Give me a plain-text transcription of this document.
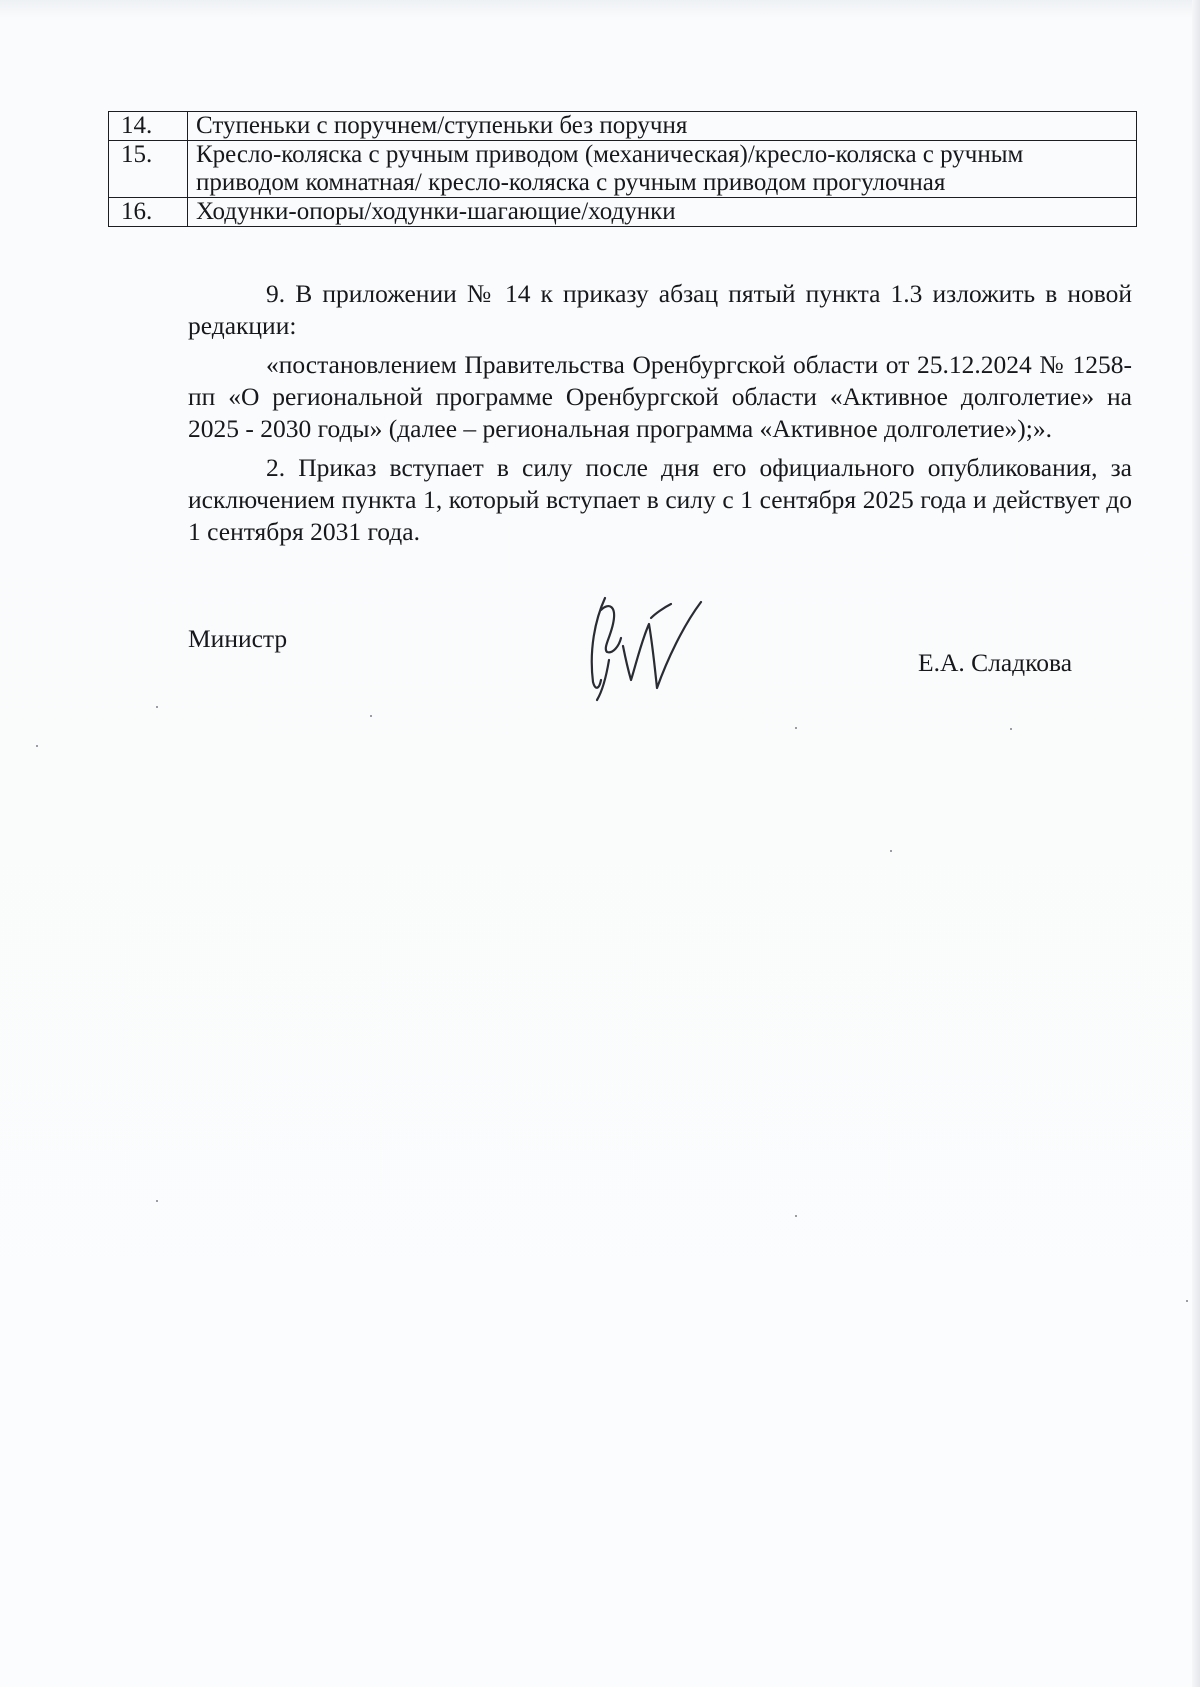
14.	Ступеньки с поручнем/ступеньки без поручня
15.	Кресло-коляска с ручным приводом (механическая)/кресло-коляска с ручным приводом комнатная/ кресло-коляска с ручным приводом прогулочная
16.	Ходунки-опоры/ходунки-шагающие/ходунки

9. В приложении № 14 к приказу абзац пятый пункта 1.3 изложить в новой редакции:

«постановлением Правительства Оренбургской области от 25.12.2024 № 1258-пп «О региональной программе Оренбургской области «Активное долголетие» на 2025 - 2030 годы» (далее – региональная программа «Активное долголетие»);».

2. Приказ вступает в силу после дня его официального опубликования, за исключением пункта 1, который вступает в силу с 1 сентября 2025 года и действует до 1 сентября 2031 года.

Министр
Е.А. Сладкова
